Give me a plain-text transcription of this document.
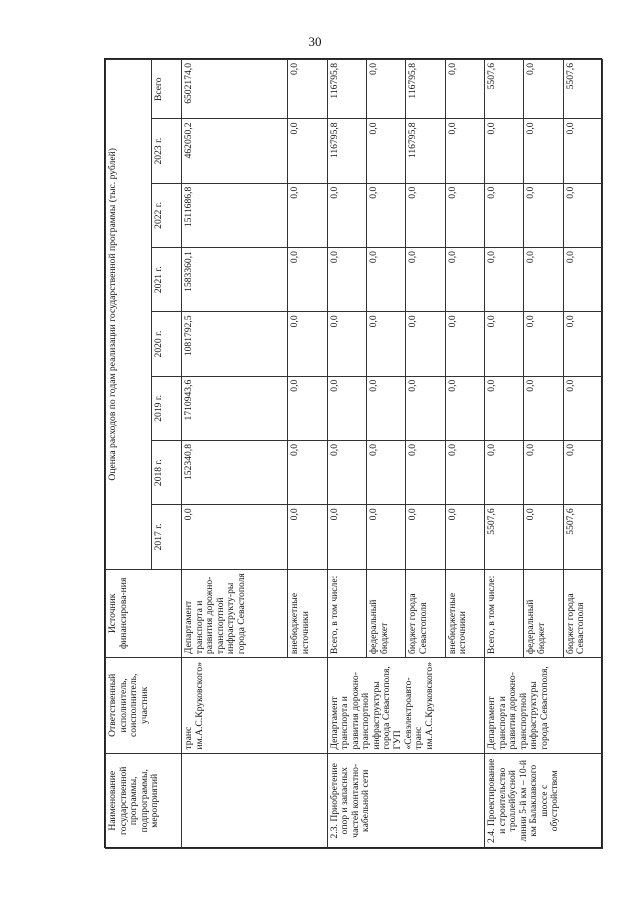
30
Наименование государственной программы, подпрограммы, мероприятий	Ответственный исполнитель, соисполнитель, участник	Источник финансирова-ния	Оценка расходов по годам реализации государственной программы (тыс. рублей)							
			2017 г.	2018 г.	2019 г.	2020 г.	2021 г.	2022 г.	2023 г.	Всего
	транс им.А.С.Круковского»	Департамент транспорта и развития дорожно-транспортной инфраструкту-ры города Севастополя	0,0	152340,8	1710943,6	1081792,5	1583360,1	1511686,8	462050,2	6502174,0
		внебюджетные источники	0,0	0,0	0,0	0,0	0,0	0,0	0,0	0,0
2.3. Приобретение опор и запасных частей контактно-кабельной сети	Департамент транспорта и развития дорожно-транспортной инфраструктуры города Севастополя, ГУП «Севэлектроавто-транс им.А.С.Круковского»	Всего, в том числе:	0,0	0,0	0,0	0,0	0,0	0,0	116795,8	116795,8
		федеральный бюджет	0,0	0,0	0,0	0,0	0,0	0,0	0,0	0,0
		бюджет города Севастополя	0,0	0,0	0,0	0,0	0,0	0,0	116795,8	116795,8
		внебюджетные источники	0,0	0,0	0,0	0,0	0,0	0,0	0,0	0,0
2.4. Проектирование и строительство троллейбусной линии 5-й км – 10-й км Балаклавского шоссе с обустройством	Департамент транспорта и развития дорожно-транспортной инфраструктуры города Севастополя,	Всего, в том числе:	5507,6	0,0	0,0	0,0	0,0	0,0	0,0	5507,6
		федеральный бюджет	0,0	0,0	0,0	0,0	0,0	0,0	0,0	0,0
		бюджет города Севастополя	5507,6	0,0	0,0	0,0	0,0	0,0	0,0	5507,6
